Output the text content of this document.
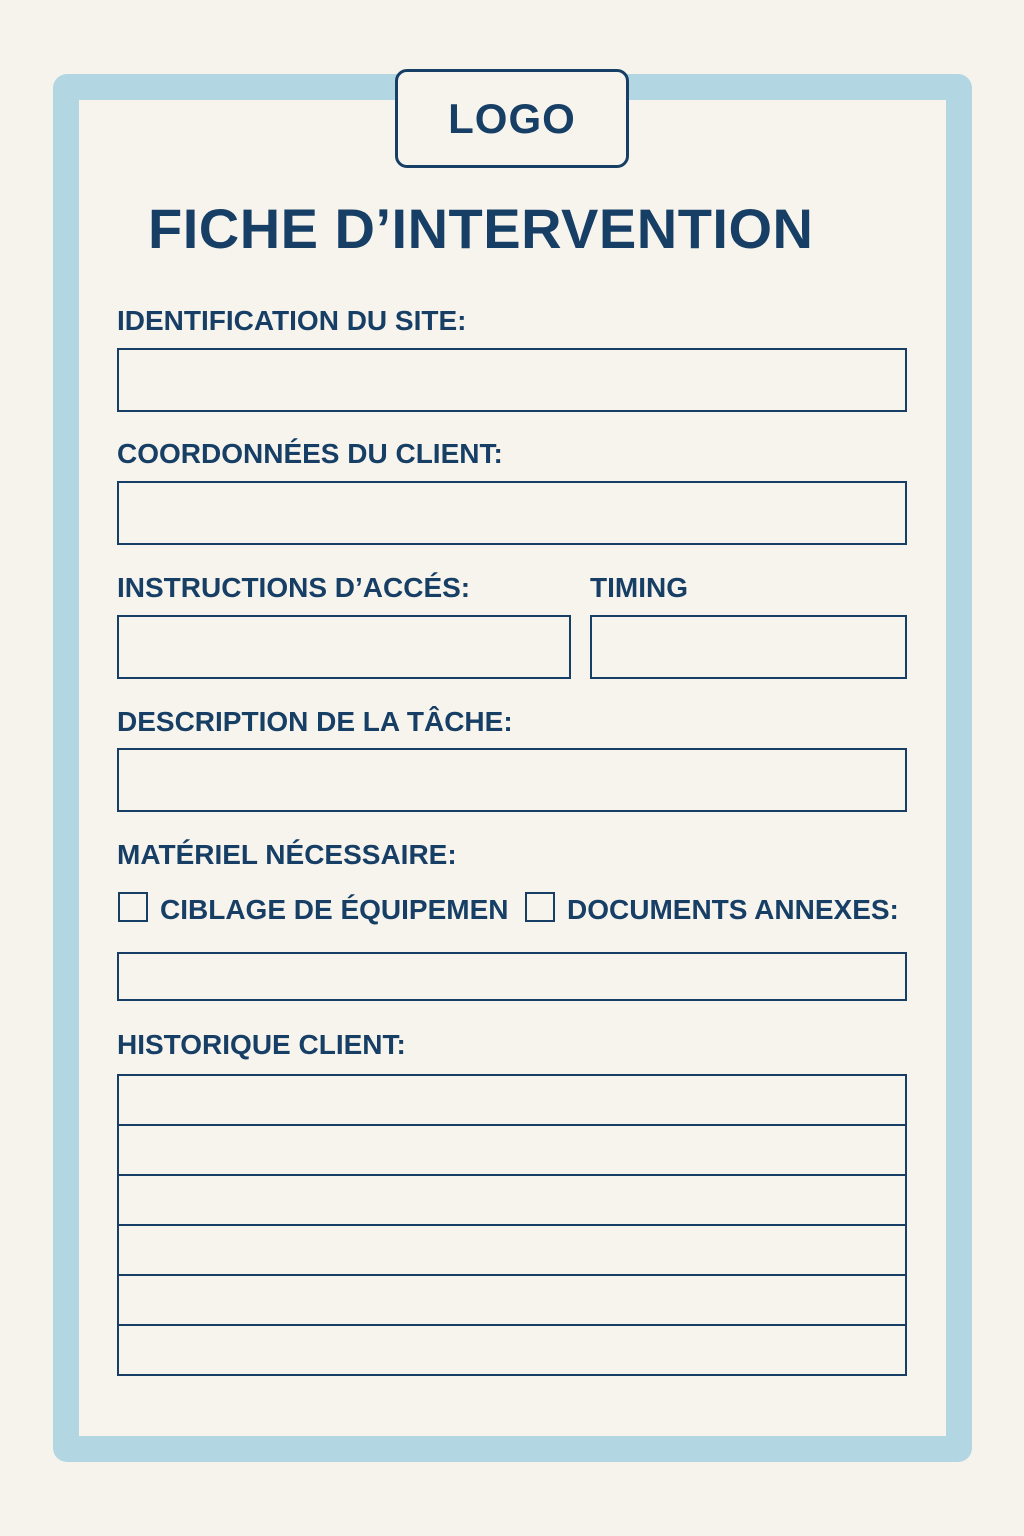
LOGO
FICHE D’INTERVENTION
IDENTIFICATION DU SITE:
COORDONNÉES DU CLIENT:
INSTRUCTIONS D’ACCÉS:	TIMING
DESCRIPTION DE LA TÂCHE:
MATÉRIEL NÉCESSAIRE:
CIBLAGE DE ÉQUIPEMEN DOCUMENTS ANNEXES:
HISTORIQUE CLIENT:
